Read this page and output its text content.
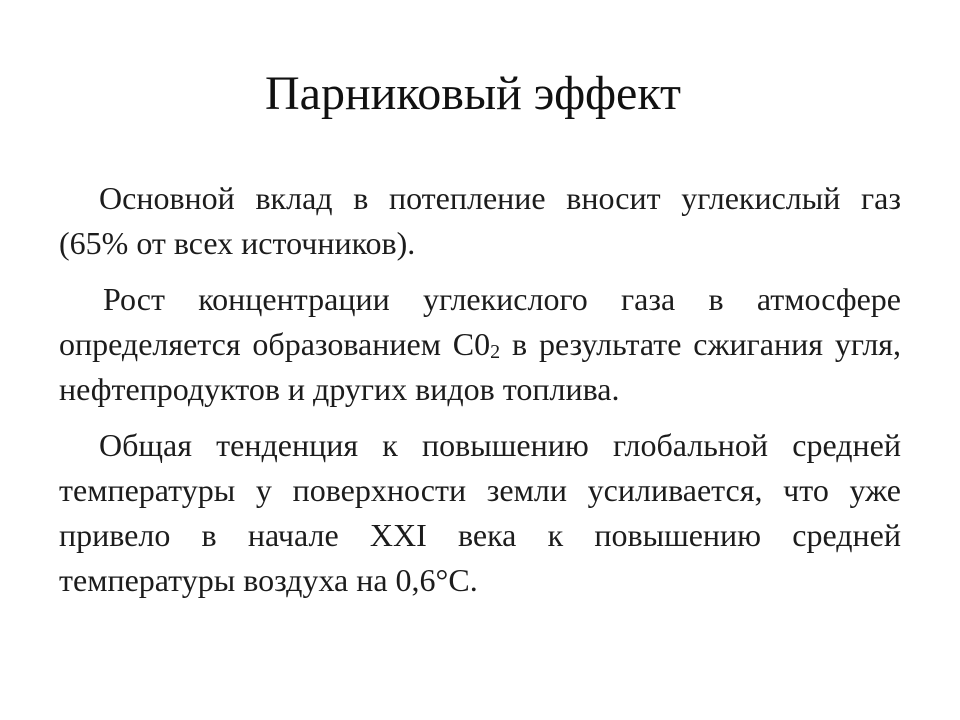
Парниковый эффект

Основной вклад в потепление вносит углекислый газ (65% от всех источников).

Рост концентрации углекислого газа в атмосфере определяется образованием $С0_2$ в результате сжигания угля, нефтепродуктов и других видов топлива.

Общая тенденция к повышению глобальной средней температуры у поверхности земли усиливается, что уже привело в начале XXI века к повышению средней температуры воздуха на 0,6°С.
